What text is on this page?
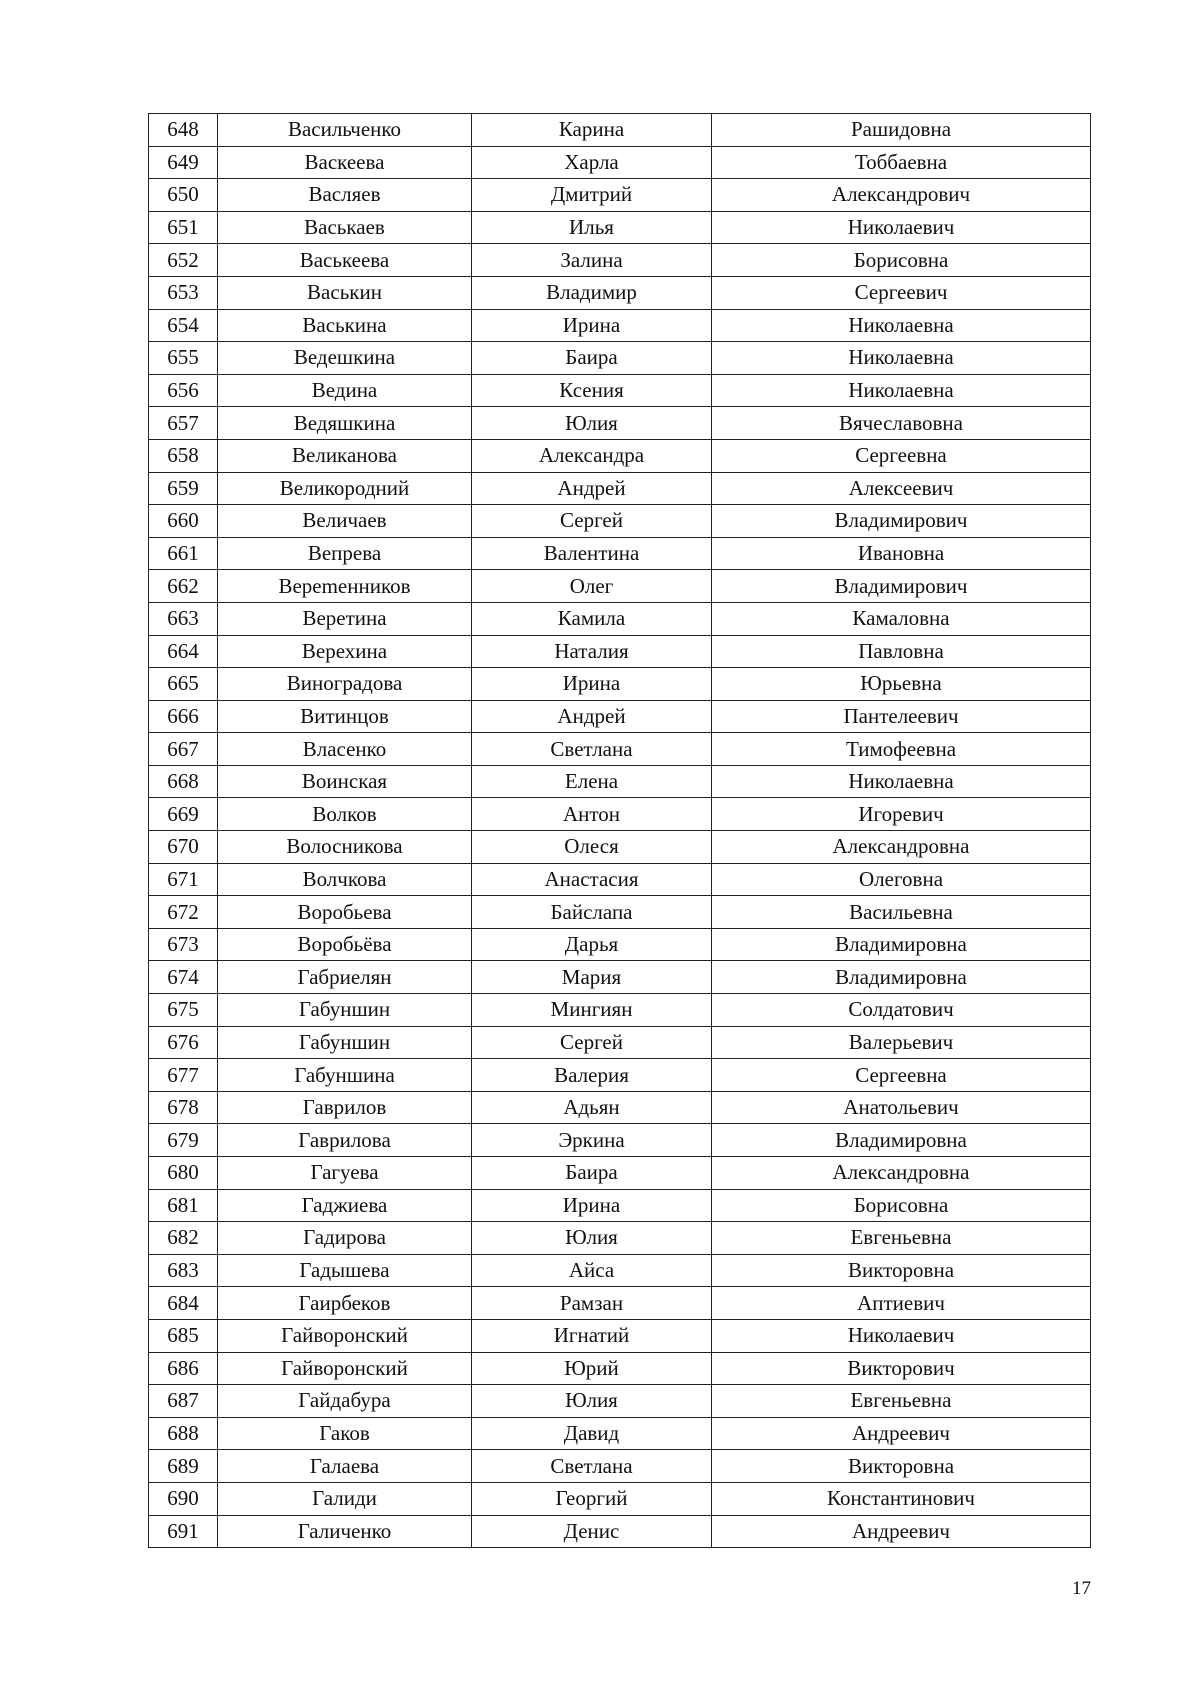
648	Васильченко	Карина	Рашидовна
649	Васкеева	Харла	Тоббаевна
650	Васляев	Дмитрий	Александрович
651	Васькаев	Илья	Николаевич
652	Васькеева	Залина	Борисовна
653	Васькин	Владимир	Сергеевич
654	Васькина	Ирина	Николаевна
655	Ведешкина	Баира	Николаевна
656	Ведина	Ксения	Николаевна
657	Ведяшкина	Юлия	Вячеславовна
658	Великанова	Александра	Сергеевна
659	Великородний	Андрей	Алексеевич
660	Величаев	Сергей	Владимирович
661	Вепрева	Валентина	Ивановна
662	Вереmенников	Олег	Владимирович
663	Веретина	Камила	Камаловна
664	Верехина	Наталия	Павловна
665	Виноградова	Ирина	Юрьевна
666	Витинцов	Андрей	Пантелеевич
667	Власенко	Светлана	Тимофеевна
668	Воинская	Елена	Николаевна
669	Волков	Антон	Игоревич
670	Волосникова	Олеся	Александровна
671	Волчкова	Анастасия	Олеговна
672	Воробьева	Байслапа	Васильевна
673	Воробьёва	Дарья	Владимировна
674	Габриелян	Мария	Владимировна
675	Габуншин	Мингиян	Солдатович
676	Габуншин	Сергей	Валерьевич
677	Габуншина	Валерия	Сергеевна
678	Гаврилов	Адьян	Анатольевич
679	Гаврилова	Эркина	Владимировна
680	Гагуева	Баира	Александровна
681	Гаджиева	Ирина	Борисовна
682	Гадирова	Юлия	Евгеньевна
683	Гадышева	Айса	Викторовна
684	Гаирбеков	Рамзан	Аптиевич
685	Гайворонский	Игнатий	Николаевич
686	Гайворонский	Юрий	Викторович
687	Гайдабура	Юлия	Евгеньевна
688	Гаков	Давид	Андреевич
689	Галаева	Светлана	Викторовна
690	Галиди	Георгий	Константинович
691	Галиченко	Денис	Андреевич
17
